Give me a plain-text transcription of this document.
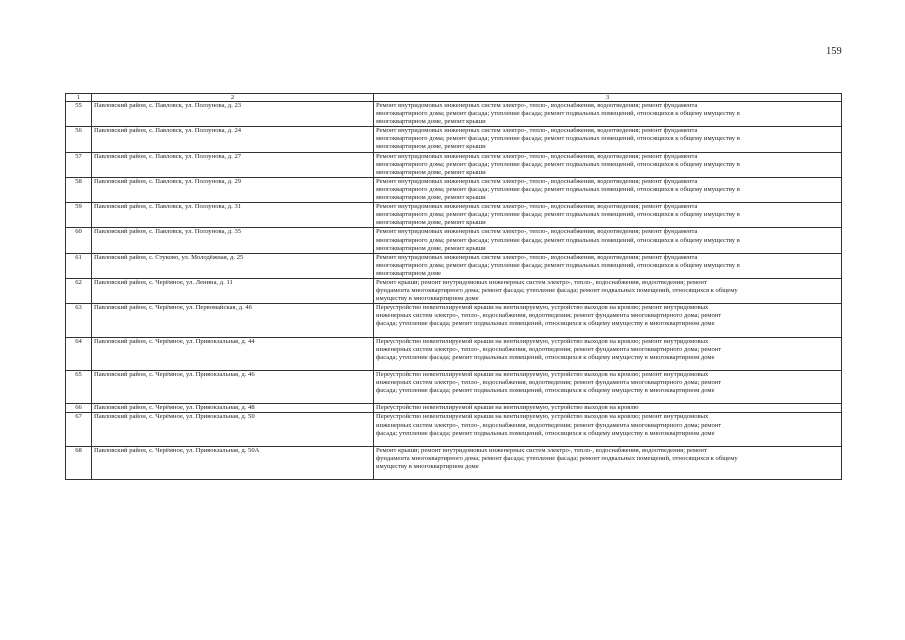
159
1	2	3
55	Павловский район, с. Павловск, ул. Ползунова, д. 23	Ремонт внутридомовых инженерных систем электро-, тепло-, водоснабжения, водоотведения; ремонт фундамента
многоквартирного дома; ремонт фасада; утепление фасада; ремонт подвальных помещений, относящихся к общему имуществу в
многоквартирном доме, ремонт крыши

56	Павловский район, с. Павловск, ул. Ползунова, д. 24	Ремонт внутридомовых инженерных систем электро-, тепло-, водоснабжения, водоотведения; ремонт фундамента
многоквартирного дома; ремонт фасада; утепление фасада; ремонт подвальных помещений, относящихся к общему имуществу в
многоквартирном доме, ремонт крыши

57	Павловский район, с. Павловск, ул. Ползунова, д. 27	Ремонт внутридомовых инженерных систем электро-, тепло-, водоснабжения, водоотведения; ремонт фундамента
многоквартирного дома; ремонт фасада; утепление фасада; ремонт подвальных помещений, относящихся к общему имуществу в
многоквартирном доме, ремонт крыши

58	Павловский район, с. Павловск, ул. Ползунова, д. 29	Ремонт внутридомовых инженерных систем электро-, тепло-, водоснабжения, водоотведения; ремонт фундамента
многоквартирного дома; ремонт фасада; утепление фасада; ремонт подвальных помещений, относящихся к общему имуществу в
многоквартирном доме, ремонт крыши

59	Павловский район, с. Павловск, ул. Ползунова, д. 31	Ремонт внутридомовых инженерных систем электро-, тепло-, водоснабжения, водоотведения; ремонт фундамента
многоквартирного дома; ремонт фасада; утепление фасада; ремонт подвальных помещений, относящихся к общему имуществу в
многоквартирном доме, ремонт крыши

60	Павловский район, с. Павловск, ул. Ползунова, д. 35	Ремонт внутридомовых инженерных систем электро-, тепло-, водоснабжения, водоотведения; ремонт фундамента
многоквартирного дома; ремонт фасада; утепление фасада; ремонт подвальных помещений, относящихся к общему имуществу в
многоквартирном доме, ремонт крыши

61	Павловский район, с. Стуково, ул. Молодёжная, д. 25	Ремонт внутридомовых инженерных систем электро-, тепло-, водоснабжения, водоотведения; ремонт фундамента
многоквартирного дома; ремонт фасада; утепление фасада; ремонт подвальных помещений, относящихся к общему имуществу в
многоквартирном доме

62	Павловский район, с. Черёмное, ул. Ленина, д. 11	Ремонт крыши; ремонт внутридомовых инженерных систем электро-, тепло-, водоснабжения, водоотведения; ремонт
фундамента многоквартирного дома; ремонт фасада; утепление фасада; ремонт подвальных помещений, относящихся к общему
имуществу в многоквартирном доме

63	Павловский район, с. Черёмное, ул. Первомайская, д. 46	Переустройство невентилируемой крыши на вентилируемую, устройство выходов на кровлю; ремонт внутридомовых
инженерных систем электро-, тепло-, водоснабжения, водоотведения; ремонт фундамента многоквартирного дома; ремонт
фасада; утепление фасада; ремонт подвальных помещений, относящихся к общему имуществу в многоквартирном доме

64	Павловский район, с. Черёмное, ул. Привокзальная, д. 44	Переустройство невентилируемой крыши на вентилируемую, устройство выходов на кровлю; ремонт внутридомовых
инженерных систем электро-, тепло-, водоснабжения, водоотведения; ремонт фундамента многоквартирного дома; ремонт
фасада; утепление фасада; ремонт подвальных помещений, относящихся к общему имуществу в многоквартирном доме

65	Павловский район, с. Черёмное, ул. Привокзальная, д. 46	Переустройство невентилируемой крыши на вентилируемую, устройство выходов на кровлю; ремонт внутридомовых
инженерных систем электро-, тепло-, водоснабжения, водоотведения; ремонт фундамента многоквартирного дома; ремонт
фасада; утепление фасада; ремонт подвальных помещений, относящихся к общему имуществу в многоквартирном доме

66	Павловский район, с. Черёмное, ул. Привокзальная, д. 48	Переустройство невентилируемой крыши на вентилируемую, устройство выходов на кровлю

67	Павловский район, с. Черёмное, ул. Привокзальная, д. 50	Переустройство невентилируемой крыши на вентилируемую, устройство выходов на кровлю; ремонт внутридомовых
инженерных систем электро-, тепло-, водоснабжения, водоотведения; ремонт фундамента многоквартирного дома; ремонт
фасада; утепление фасада; ремонт подвальных помещений, относящихся к общему имуществу в многоквартирном доме

68	Павловский район, с. Черёмное, ул. Привокзальная, д. 50А	Ремонт крыши; ремонт внутридомовых инженерных систем электро-, тепло-, водоснабжения, водоотведения; ремонт
фундамента многоквартирного дома; ремонт фасада; утепление фасада; ремонт подвальных помещений, относящихся к общему
имуществу в многоквартирном доме
